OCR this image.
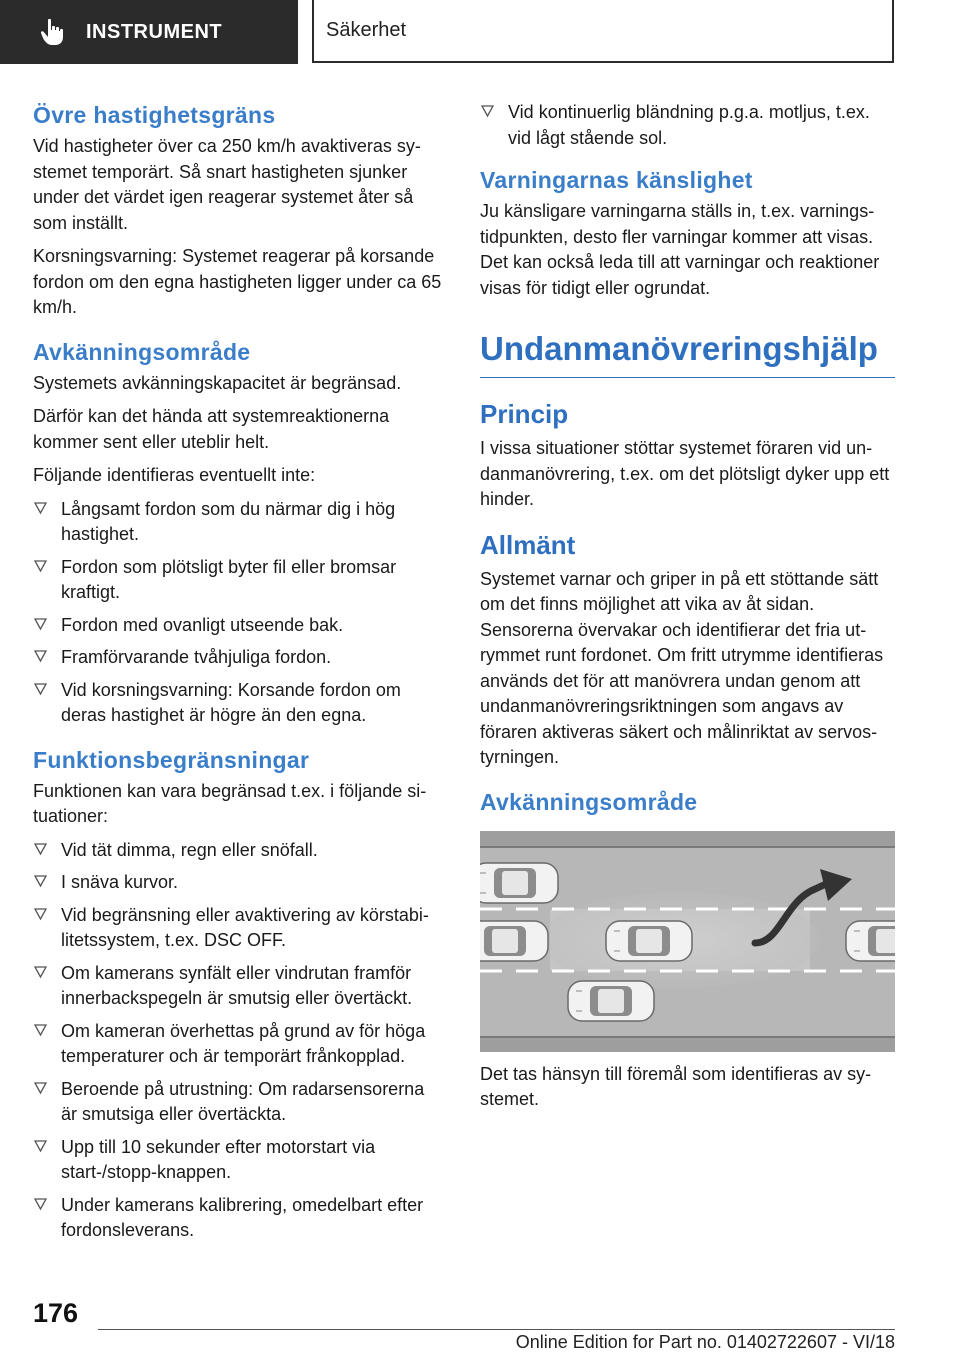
INSTRUMENT	Säkerhet
Övre hastighetsgräns

Vid hastigheter över ca 250 km/h avaktiveras systemet temporärt. Så snart hastigheten sjunker under det värdet igen reagerar systemet åter så som inställt.

Korsningsvarning: Systemet reagerar på korsande fordon om den egna hastigheten ligger under ca 65 km/h.

Avkänningsområde

Systemets avkänningskapacitet är begränsad.

Därför kan det hända att systemreaktionerna kommer sent eller uteblir helt.

Följande identifieras eventuellt inte:

Långsamt fordon som du närmar dig i hög hastighet.
Fordon som plötsligt byter fil eller bromsar kraftigt.
Fordon med ovanligt utseende bak.
Framförvarande tvåhjuliga fordon.
Vid korsningsvarning: Korsande fordon om deras hastighet är högre än den egna.
Funktionsbegränsningar

Funktionen kan vara begränsad t.ex. i följande situationer:

Vid tät dimma, regn eller snöfall.
I snäva kurvor.
Vid begränsning eller avaktivering av körstabilitetssystem, t.ex. DSC OFF.
Om kamerans synfält eller vindrutan framför innerbackspegeln är smutsig eller övertäckt.
Om kameran överhettas på grund av för höga temperaturer och är temporärt frånkopplad.
Beroende på utrustning: Om radarsensorerna är smutsiga eller övertäckta.
Upp till 10 sekunder efter motorstart via start-/stopp-knappen.
Under kamerans kalibrering, omedelbart efter fordonsleverans.
Vid kontinuerlig bländning p.g.a. motljus, t.ex. vid lågt stående sol.
Varningarnas känslighet

Ju känsligare varningarna ställs in, t.ex. varningstidpunkten, desto fler varningar kommer att visas. Det kan också leda till att varningar och reaktioner visas för tidigt eller ogrundat.

Undanmanövreringshjälp
Princip

I vissa situationer stöttar systemet föraren vid undanmanövrering, t.ex. om det plötsligt dyker upp ett hinder.

Allmänt

Systemet varnar och griper in på ett stöttande sätt om det finns möjlighet att vika av åt sidan. Sensorerna övervakar och identifierar det fria utrymmet runt fordonet. Om fritt utrymme identifieras används det för att manövrera undan genom att undanmanövreringsriktningen som angavs av föraren aktiveras säkert och målinriktat av servostyrningen.

Avkänningsområde

Det tas hänsyn till föremål som identifieras av systemet.

176
Online Edition for Part no. 01402722607 - VI/18
